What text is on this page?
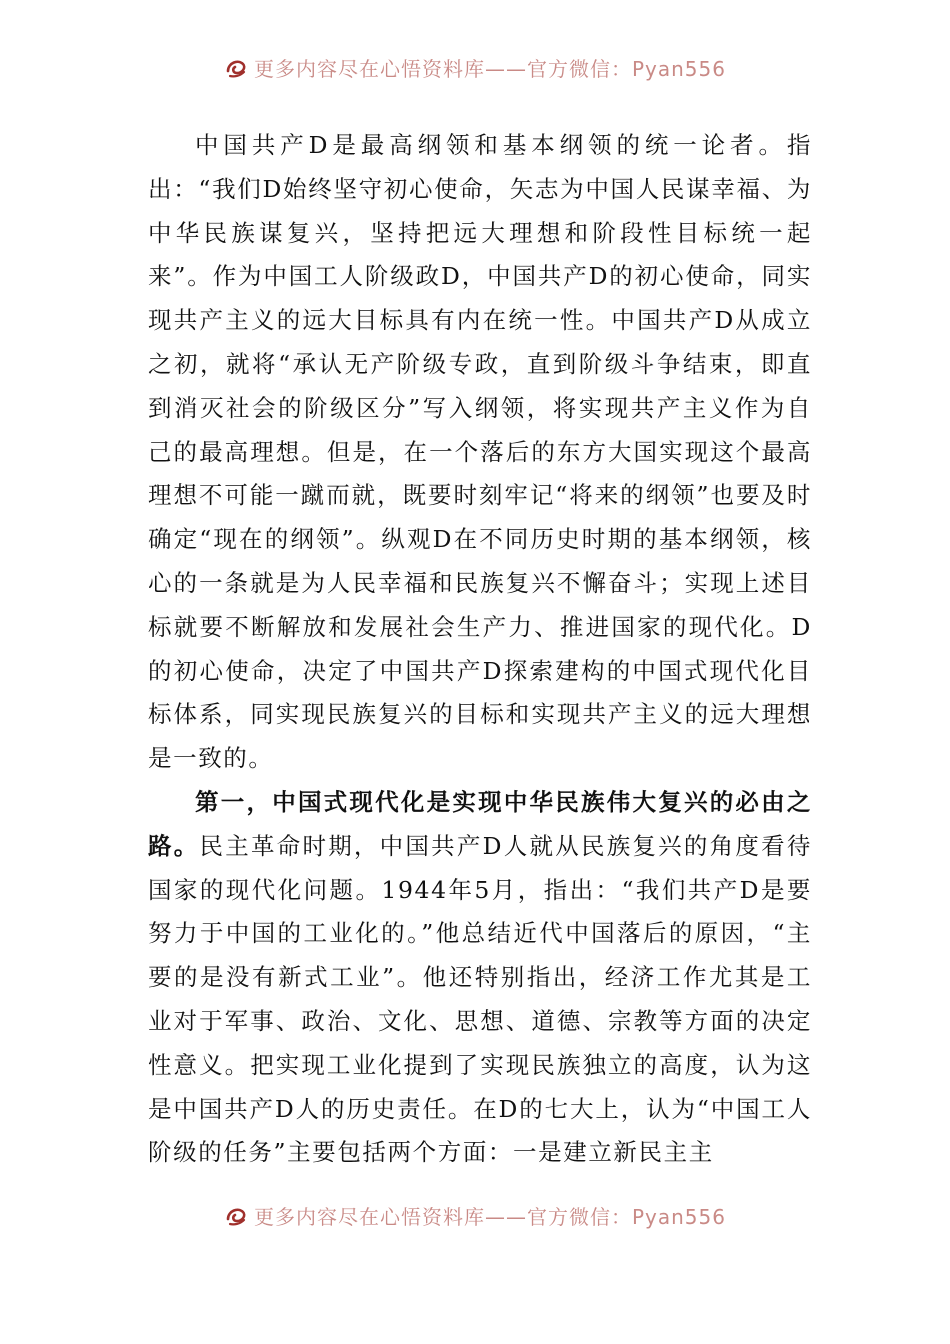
更多内容尽在心悟资料库——官方微信：Pyan556

中国共产D是最高纲领和基本纲领的统一论者。指出：“我们D始终坚守初心使命，矢志为中国人民谋幸福、为中华民族谋复兴，坚持把远大理想和阶段性目标统一起来”。作为中国工人阶级政D，中国共产D的初心使命，同实现共产主义的远大目标具有内在统一性。中国共产D从成立之初，就将“承认无产阶级专政，直到阶级斗争结束，即直到消灭社会的阶级区分”写入纲领，将实现共产主义作为自己的最高理想。但是，在一个落后的东方大国实现这个最高理想不可能一蹴而就，既要时刻牢记“将来的纲领”也要及时确定“现在的纲领”。纵观D在不同历史时期的基本纲领，核心的一条就是为人民幸福和民族复兴不懈奋斗；实现上述目标就要不断解放和发展社会生产力、推进国家的现代化。D的初心使命，决定了中国共产D探索建构的中国式现代化目标体系，同实现民族复兴的目标和实现共产主义的远大理想是一致的。

第一，中国式现代化是实现中华民族伟大复兴的必由之路。民主革命时期，中国共产D人就从民族复兴的角度看待国家的现代化问题。1944年5月，指出：“我们共产D是要努力于中国的工业化的。”他总结近代中国落后的原因，“主要的是没有新式工业”。他还特别指出，经济工作尤其是工业对于军事、政治、文化、思想、道德、宗教等方面的决定性意义。把实现工业化提到了实现民族独立的高度，认为这是中国共产D人的历史责任。在D的七大上，认为“中国工人阶级的任务”主要包括两个方面：一是建立新民主主

更多内容尽在心悟资料库——官方微信：Pyan556
